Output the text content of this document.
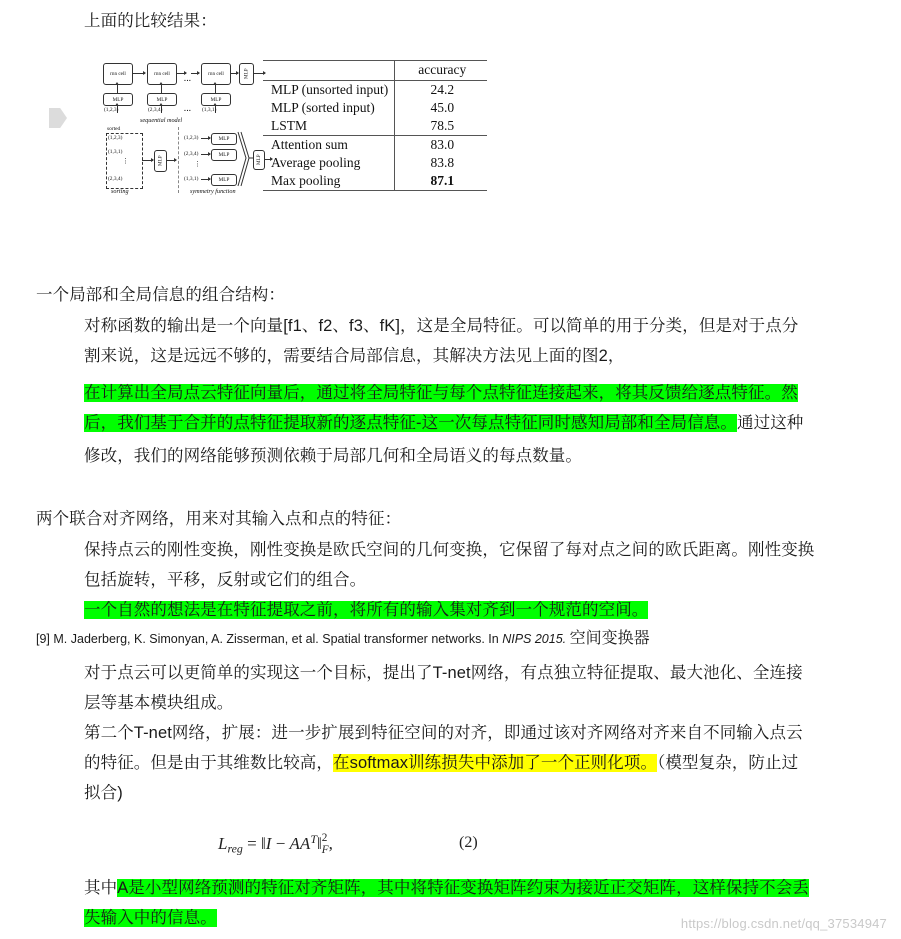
上面的比较结果：
rnn cell	rnn cell	rnn cell	MLP
...
MLP	MLP	MLP
(1,2,3)	(2,3,4)	(1,3,1)
...
sequential model
sorted
(1,2,3)
(1,3,1)
⋮
(2,3,4)
MLP
sorting
(1,2,3)
(2,3,4)
⋮
(1,3,1)
MLP
MLP
MLP
MLP
symmetry function
	accuracy
MLP (unsorted input)	24.2
MLP (sorted input)	45.0
LSTM	78.5
Attention sum	83.0
Average pooling	83.8
Max pooling	87.1
一个局部和全局信息的组合结构：
对称函数的输出是一个向量[f1、f2、f3、fK]，这是全局特征。可以简单的用于分类，但是对于点分
割来说，这是远远不够的，需要结合局部信息，其解决方法见上面的图2，
在计算出全局点云特征向量后，通过将全局特征与每个点特征连接起来，将其反馈给逐点特征。然
后，我们基于合并的点特征提取新的逐点特征-这一次每点特征同时感知局部和全局信息。通过这种
修改，我们的网络能够预测依赖于局部几何和全局语义的每点数量。
两个联合对齐网络，用来对其输入点和点的特征：
保持点云的刚性变换，刚性变换是欧氏空间的几何变换，它保留了每对点之间的欧氏距离。刚性变换
包括旋转，平移，反射或它们的组合。
一个自然的想法是在特征提取之前，将所有的输入集对齐到一个规范的空间。
[9] M. Jaderberg, K. Simonyan, A. Zisserman, et al. Spatial transformer networks. In NIPS 2015. 空间变换器
对于点云可以更简单的实现这一个目标，提出了T-net网络，有点独立特征提取、最大池化、全连接
层等基本模块组成。
第二个T-net网络，扩展：进一步扩展到特征空间的对齐，即通过该对齐网络对齐来自不同输入点云
的特征。但是由于其维数比较高，在softmax训练损失中添加了一个正则化项。（模型复杂，防止过
拟合)
$L_{reg}$ = ‖I − $AA^T‖$ 2
F ,	(2)
其中A是小型网络预测的特征对齐矩阵，其中将特征变换矩阵约束为接近正交矩阵，这样保持不会丢
失输入中的信息。	https://blog.csdn.net/qq_37534947
